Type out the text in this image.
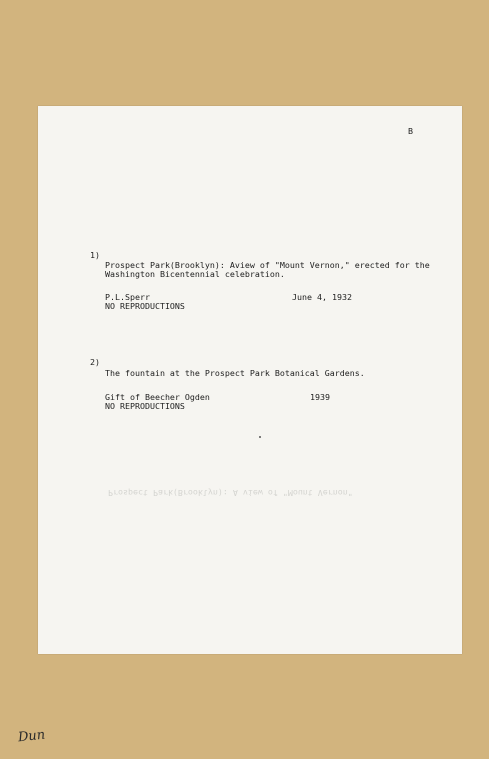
B
1)
Prospect Park(Brooklyn): Aview of "Mount Vernon," erected for the
Washington Bicentennial celebration.
P.L.Sperr	June 4, 1932
NO REPRODUCTIONS
2)
The fountain at the Prospect Park Botanical Gardens.
Gift of Beecher Ogden	1939
NO REPRODUCTIONS
Prospect Park(Brooklyn): A view of "Mount Vernon"
Dun
